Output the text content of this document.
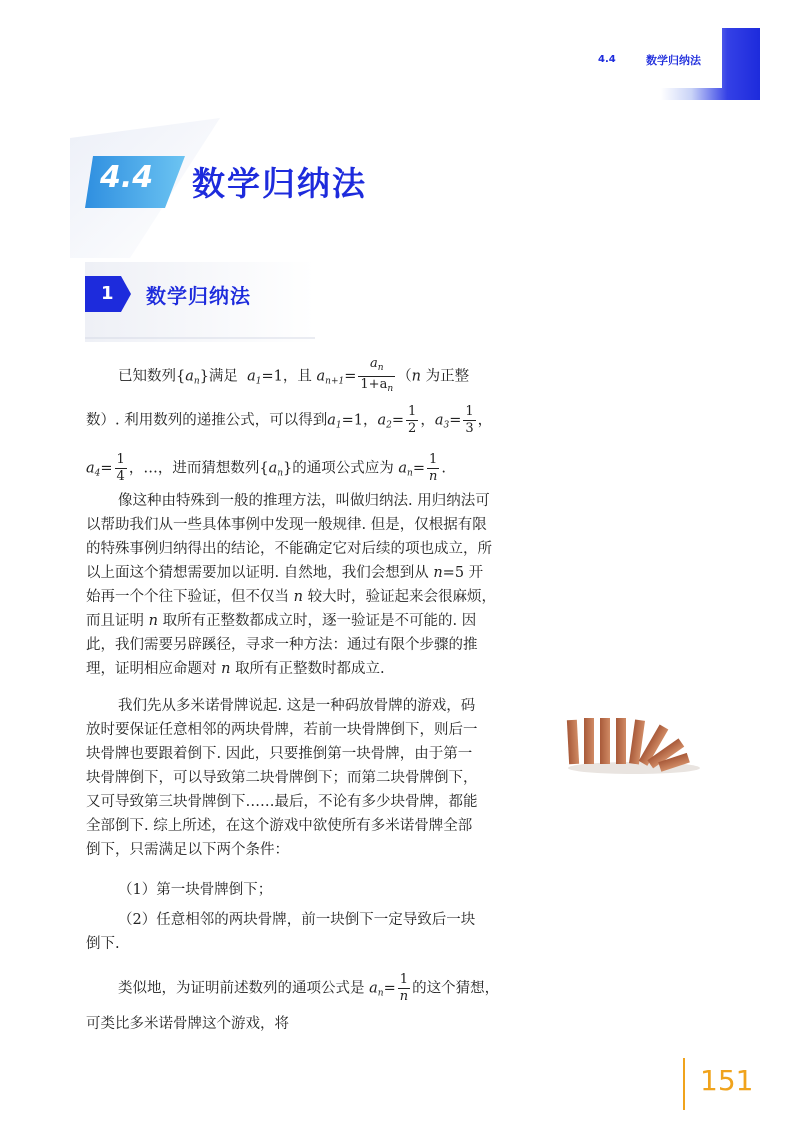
4.4	数学归纳法
4.4 数学归纳法
1 数学归纳法
已知数列$\{a_n\}$满足 $a_1=1$，且 $a_{n+1}= \frac{a_n}{1+a_n} (n$ 为正整
数）. 利用数列的递推公式，可以得到$a_1=1$，$a_2= \frac{1}{2}$ ，$a_3= \frac{1}{3}$ ，
$a_4= \frac{1}{4}$ ，…，进而猜想数列$\{a_n\}$的通项公式应为 $a_n= \frac{1}{n}$ .
像这种由特殊到一般的推理方法，叫做归纳法. 用归纳法可
以帮助我们从一些具体事例中发现一般规律. 但是，仅根据有限
的特殊事例归纳得出的结论，不能确定它对后续的项也成立，所
以上面这个猜想需要加以证明. 自然地，我们会想到从 n=5 开
始再一个个往下验证，但不仅当 n 较大时，验证起来会很麻烦，
而且证明 n 取所有正整数都成立时，逐一验证是不可能的. 因
此，我们需要另辟蹊径，寻求一种方法：通过有限个步骤的推
理，证明相应命题对 n 取所有正整数时都成立.
我们先从多米诺骨牌说起. 这是一种码放骨牌的游戏，码
放时要保证任意相邻的两块骨牌，若前一块骨牌倒下，则后一
块骨牌也要跟着倒下. 因此，只要推倒第一块骨牌，由于第一
块骨牌倒下，可以导致第二块骨牌倒下；而第二块骨牌倒下，
又可导致第三块骨牌倒下……最后，不论有多少块骨牌，都能
全部倒下. 综上所述，在这个游戏中欲使所有多米诺骨牌全部
倒下，只需满足以下两个条件：
（1）第一块骨牌倒下；
（2）任意相邻的两块骨牌，前一块倒下一定导致后一块
倒下.
类似地，为证明前述数列的通项公式是 $a_n= \frac{1}{n}$ 的这个猜想，
可类比多米诺骨牌这个游戏，将
151
